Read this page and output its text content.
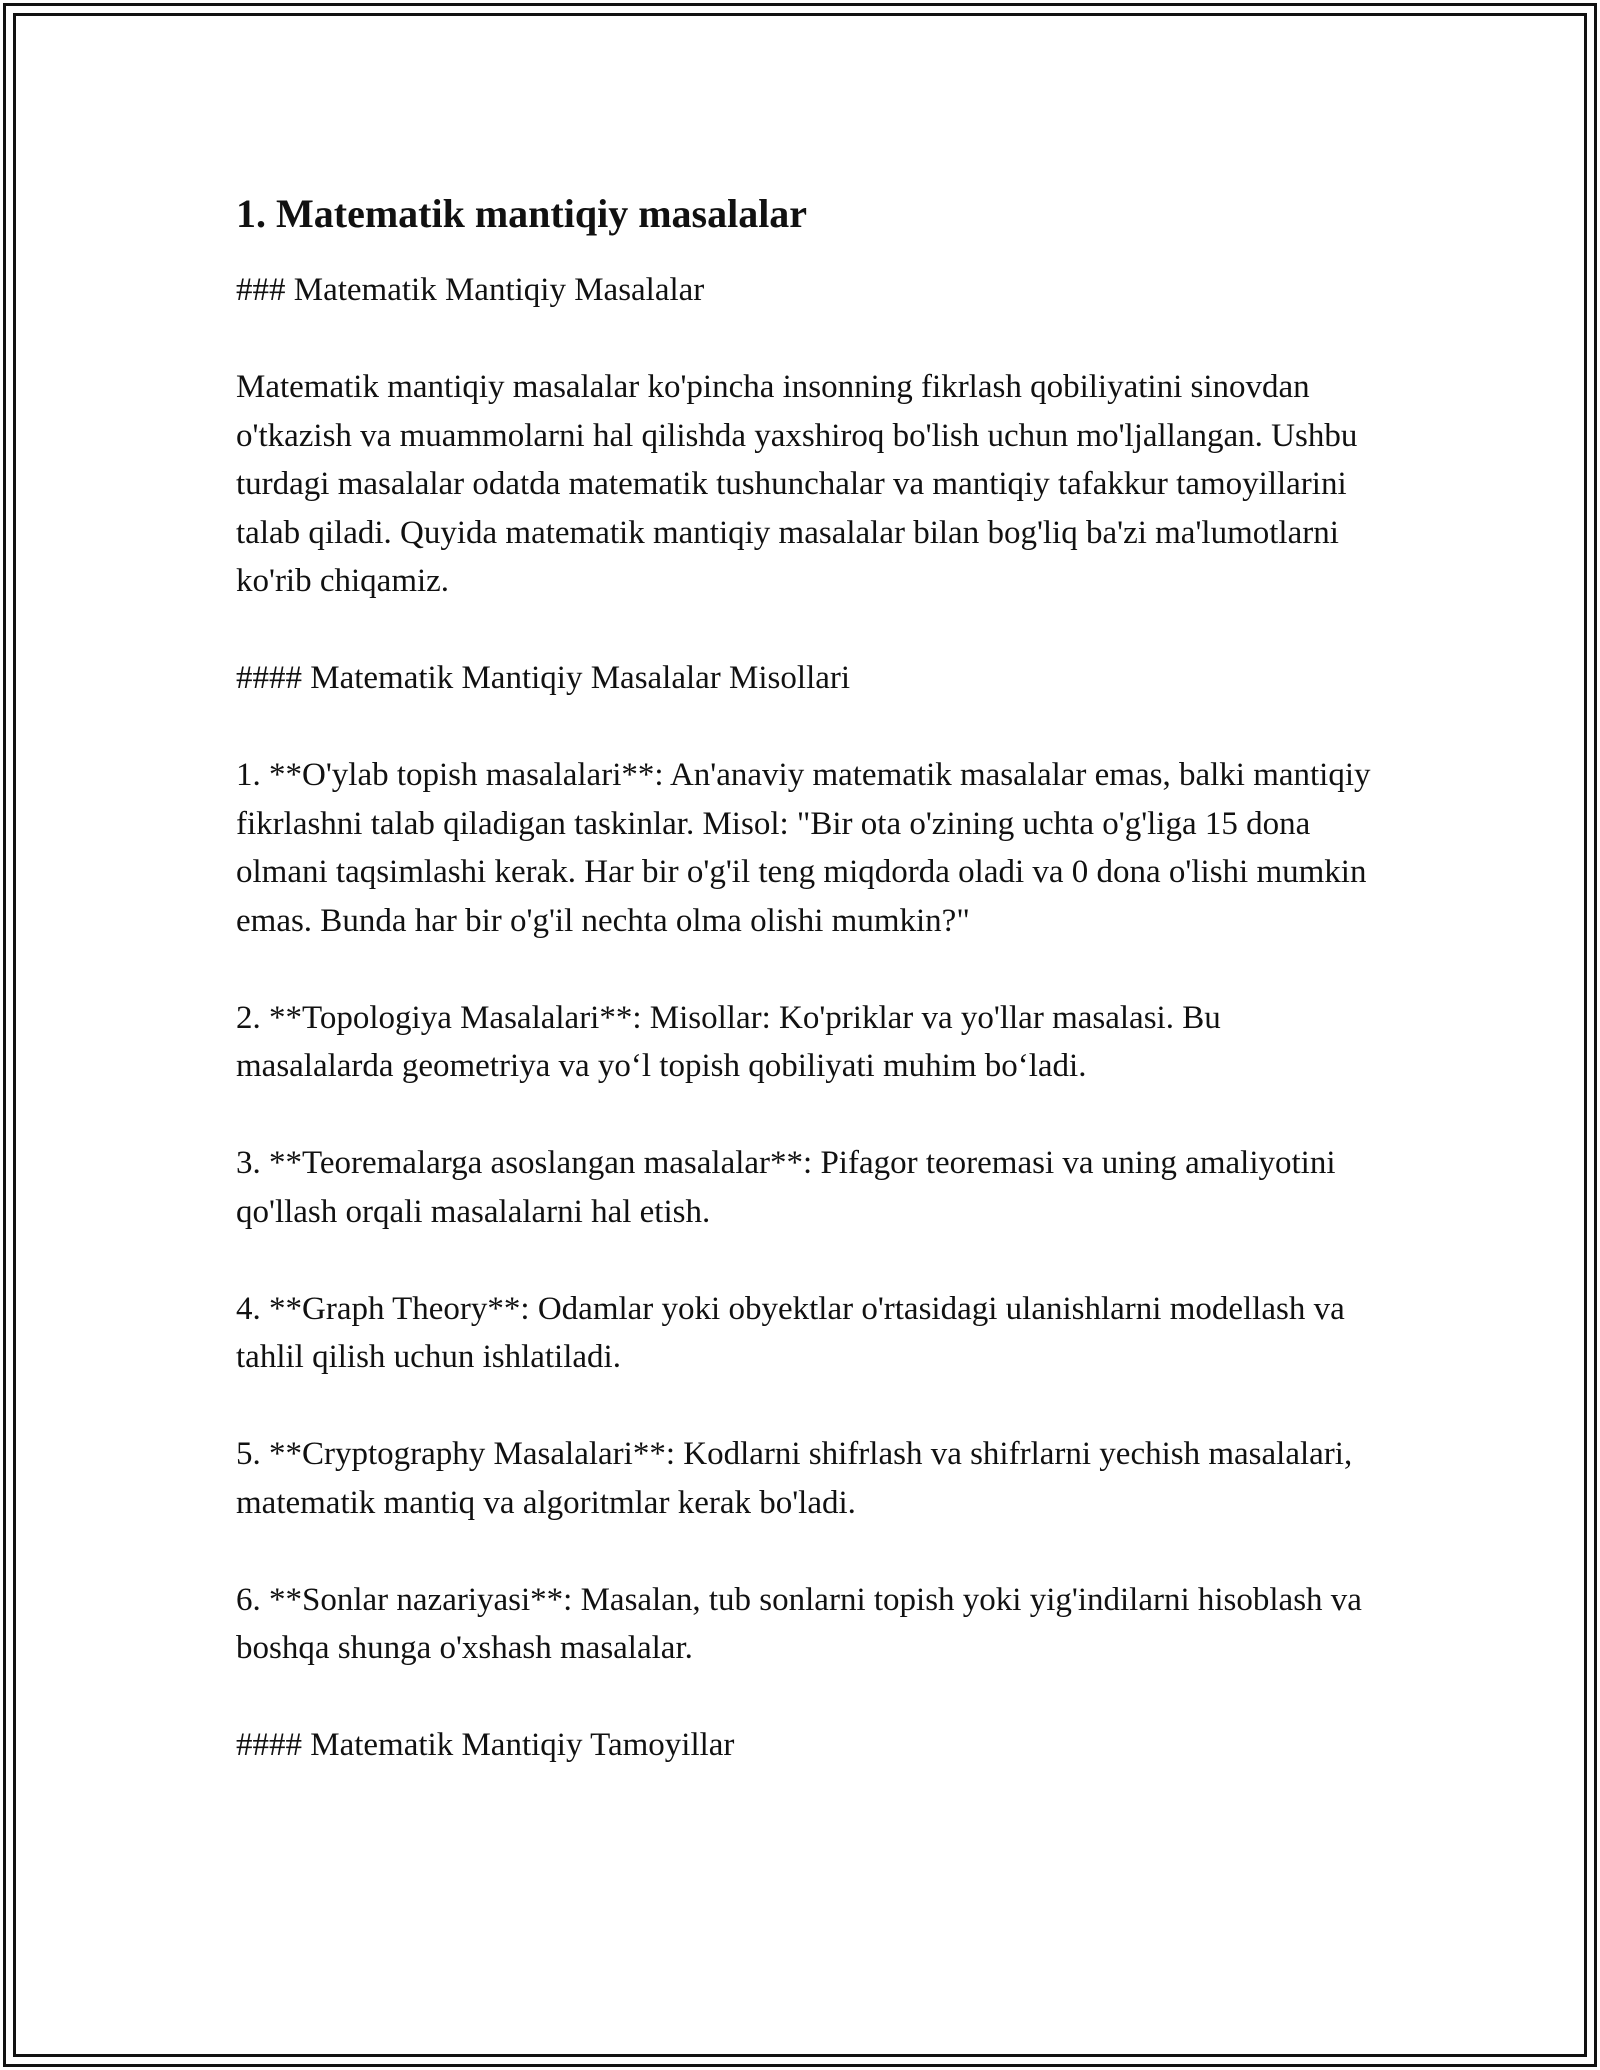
1. Matematik mantiqiy masalalar

### Matematik Mantiqiy Masalalar

Matematik mantiqiy masalalar ko'pincha insonning fikrlash qobiliyatini sinovdan o'tkazish va muammolarni hal qilishda yaxshiroq bo'lish uchun mo'ljallangan. Ushbu turdagi masalalar odatda matematik tushunchalar va mantiqiy tafakkur tamoyillarini talab qiladi. Quyida matematik mantiqiy masalalar bilan bog'liq ba'zi ma'lumotlarni ko'rib chiqamiz.

#### Matematik Mantiqiy Masalalar Misollari

1. **O'ylab topish masalalari**: An'anaviy matematik masalalar emas, balki mantiqiy fikrlashni talab qiladigan taskinlar. Misol: "Bir ota o'zining uchta o'g'liga 15 dona olmani taqsimlashi kerak. Har bir o'g'il teng miqdorda oladi va 0 dona o'lishi mumkin emas. Bunda har bir o'g'il nechta olma olishi mumkin?"

2. **Topologiya Masalalari**: Misollar: Ko'priklar va yo'llar masalasi. Bu masalalarda geometriya va yo‘l topish qobiliyati muhim bo‘ladi.

3. **Teoremalarga asoslangan masalalar**: Pifagor teoremasi va uning amaliyotini qo'llash orqali masalalarni hal etish.

4. **Graph Theory**: Odamlar yoki obyektlar o'rtasidagi ulanishlarni modellash va tahlil qilish uchun ishlatiladi.

5. **Cryptography Masalalari**: Kodlarni shifrlash va shifrlarni yechish masalalari, matematik mantiq va algoritmlar kerak bo'ladi.

6. **Sonlar nazariyasi**: Masalan, tub sonlarni topish yoki yig'indilarni hisoblash va boshqa shunga o'xshash masalalar.

#### Matematik Mantiqiy Tamoyillar
